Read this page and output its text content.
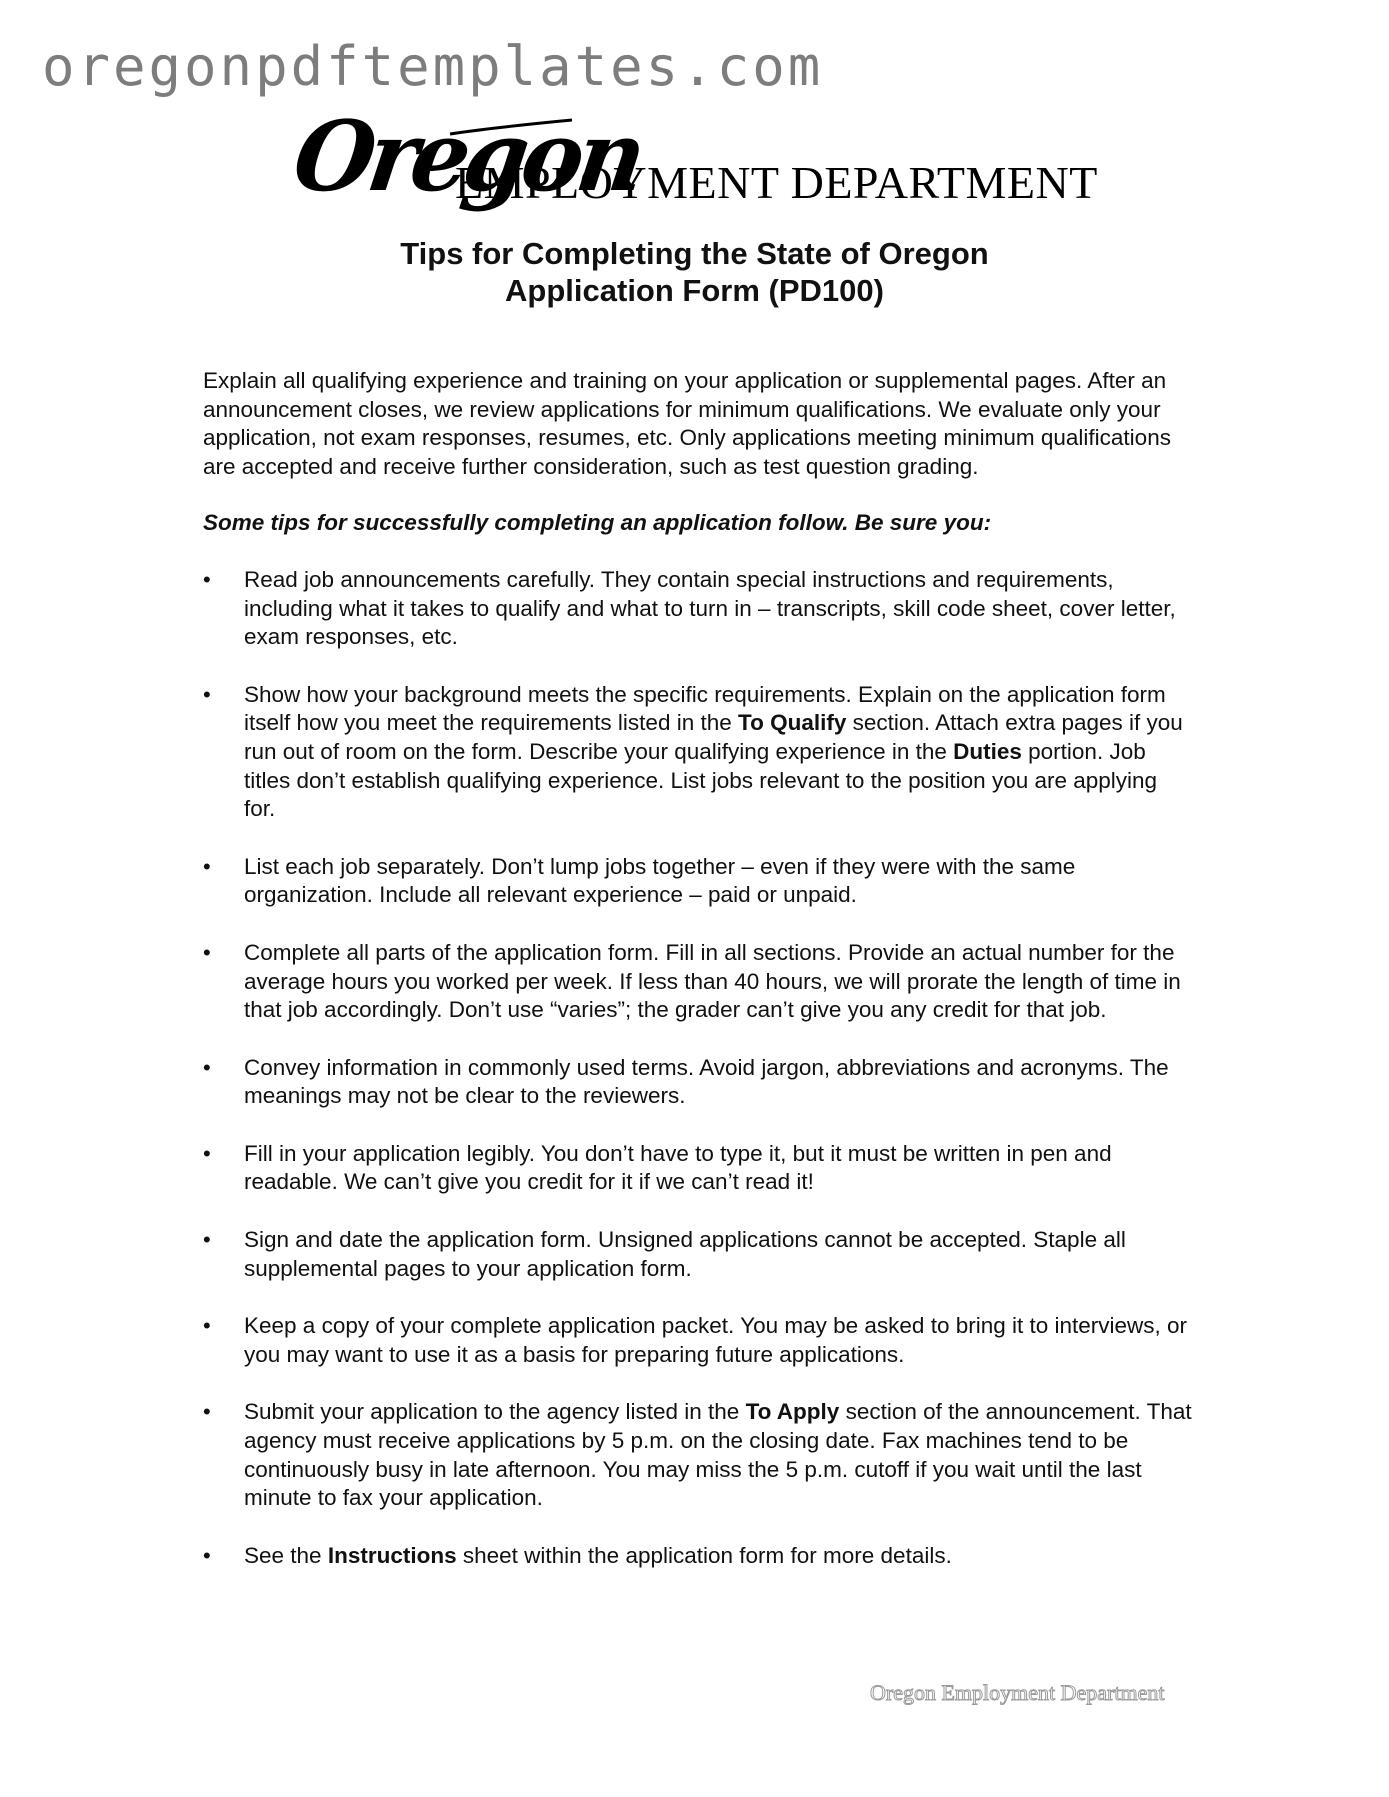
oregonpdftemplates.com
Oregon
EMPLOYMENT DEPARTMENT
Tips for Completing the State of Oregon
Application Form (PD100)

Explain all qualifying experience and training on your application or supplemental pages. After an announcement closes, we review applications for minimum qualifications. We evaluate only your application, not exam responses, resumes, etc. Only applications meeting minimum qualifications are accepted and receive further consideration, such as test question grading.

Some tips for successfully completing an application follow. Be sure you:

• Read job announcements carefully. They contain special instructions and requirements, including what it takes to qualify and what to turn in – transcripts, skill code sheet, cover letter, exam responses, etc.
• Show how your background meets the specific requirements. Explain on the application form itself how you meet the requirements listed in the To Qualify section. Attach extra pages if you run out of room on the form. Describe your qualifying experience in the Duties portion. Job titles don’t establish qualifying experience. List jobs relevant to the position you are applying for.
• List each job separately. Don’t lump jobs together – even if they were with the same organization. Include all relevant experience – paid or unpaid.
• Complete all parts of the application form. Fill in all sections. Provide an actual number for the average hours you worked per week. If less than 40 hours, we will prorate the length of time in that job accordingly. Don’t use “varies”; the grader can’t give you any credit for that job.
• Convey information in commonly used terms. Avoid jargon, abbreviations and acronyms. The meanings may not be clear to the reviewers.
• Fill in your application legibly. You don’t have to type it, but it must be written in pen and readable. We can’t give you credit for it if we can’t read it!
• Sign and date the application form. Unsigned applications cannot be accepted. Staple all supplemental pages to your application form.
• Keep a copy of your complete application packet. You may be asked to bring it to interviews, or you may want to use it as a basis for preparing future applications.
• Submit your application to the agency listed in the To Apply section of the announcement. That agency must receive applications by 5 p.m. on the closing date. Fax machines tend to be continuously busy in late afternoon. You may miss the 5 p.m. cutoff if you wait until the last minute to fax your application.
• See the Instructions sheet within the application form for more details.
Oregon Employment Department
